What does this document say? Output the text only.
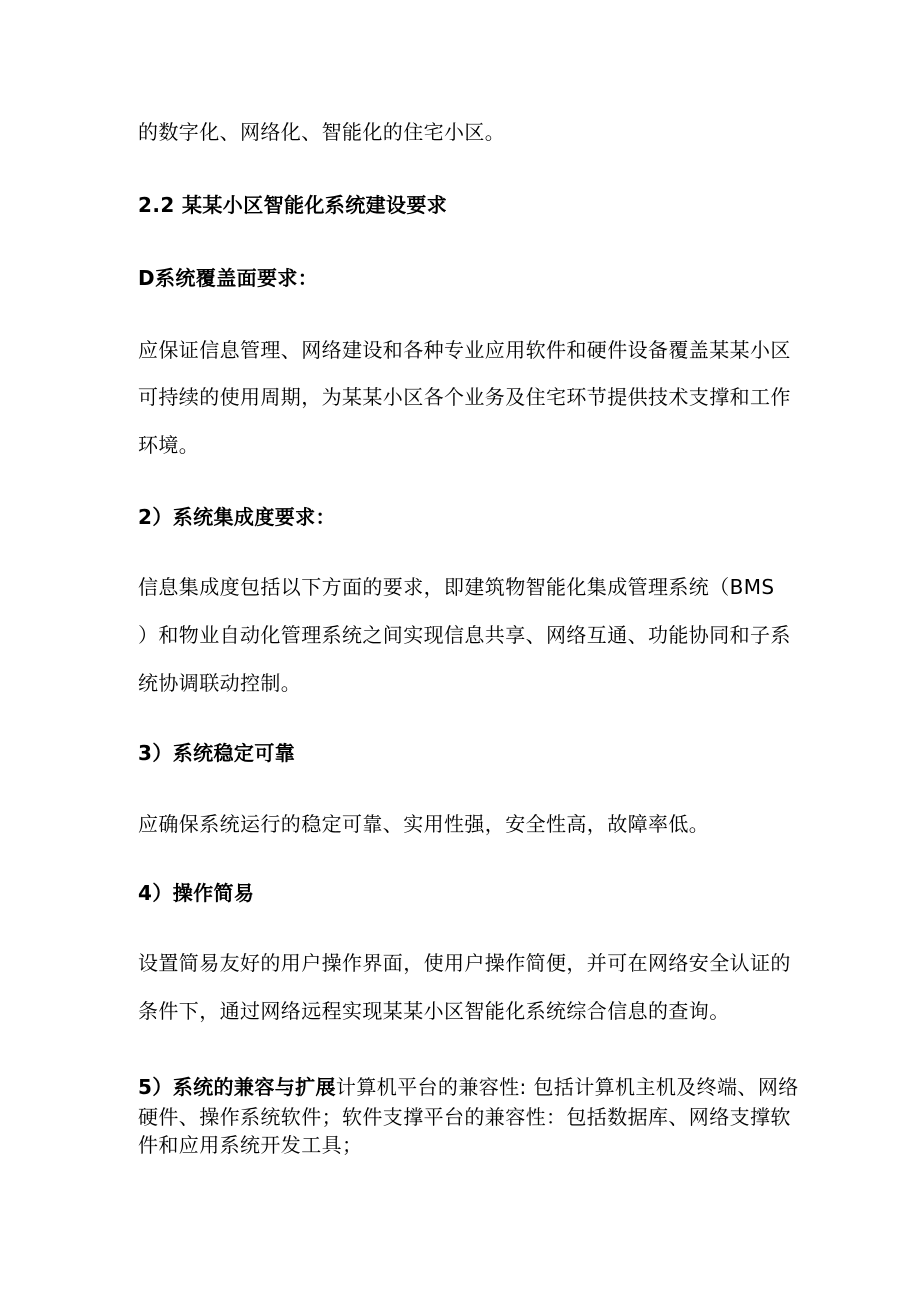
的数字化、网络化、智能化的住宅小区。
2.2 某某小区智能化系统建设要求
D系统覆盖面要求：
应保证信息管理、网络建设和各种专业应用软件和硬件设备覆盖某某小区
可持续的使用周期，为某某小区各个业务及住宅环节提供技术支撑和工作
环境。
2）系统集成度要求：
信息集成度包括以下方面的要求，即建筑物智能化集成管理系统（BMS
）和物业自动化管理系统之间实现信息共享、网络互通、功能协同和子系
统协调联动控制。
3）系统稳定可靠
应确保系统运行的稳定可靠、实用性强，安全性高，故障率低。
4）操作简易
设置简易友好的用户操作界面，使用户操作简便，并可在网络安全认证的
条件下，通过网络远程实现某某小区智能化系统综合信息的查询。
5）系统的兼容与扩展计算机平台的兼容性: 包括计算机主机及终端、网络
硬件、操作系统软件；软件支撑平台的兼容性：包括数据库、网络支撑软
件和应用系统开发工具；
